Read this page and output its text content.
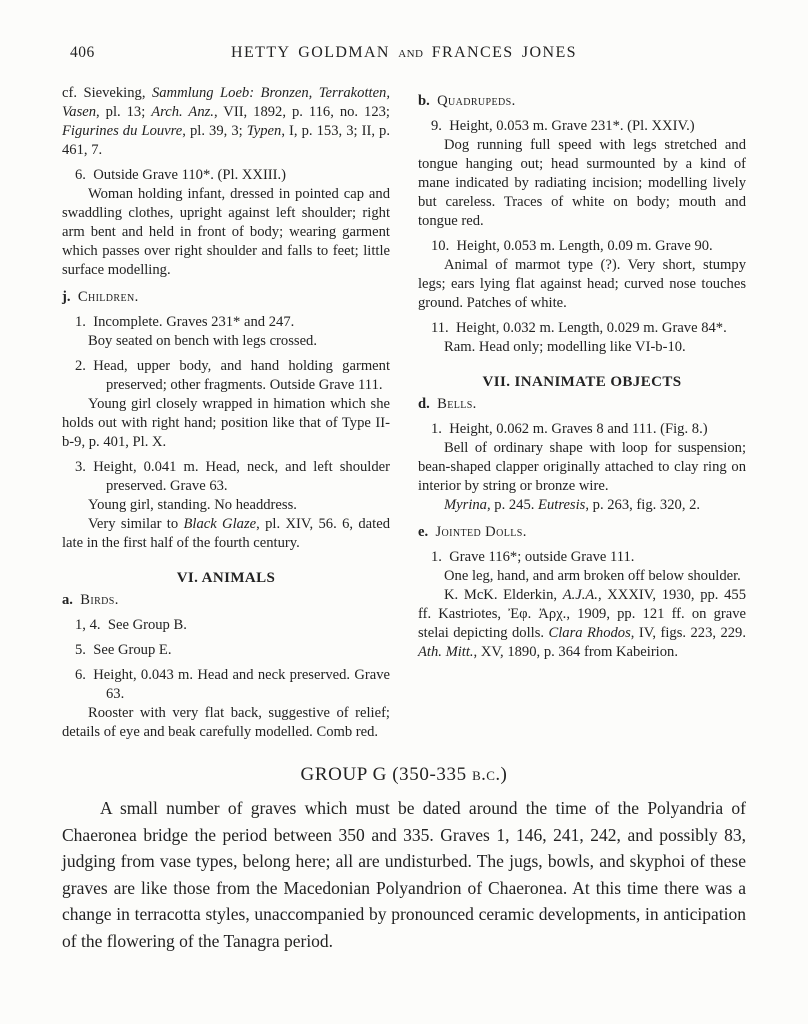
406	HETTY GOLDMAN and FRANCES JONES

cf. Sieveking, Sammlung Loeb: Bronzen, Terrakotten, Vasen, pl. 13; Arch. Anz., VII, 1892, p. 116, no. 123; Figurines du Louvre, pl. 39, 3; Typen, I, p. 153, 3; II, p. 461, 7.

6. Outside Grave 110*. (Pl. XXIII.)

Woman holding infant, dressed in pointed cap and swaddling clothes, upright against left shoulder; right arm bent and held in front of body; wearing garment which passes over right shoulder and falls to feet; little surface modelling.

j. Children.

1. Incomplete. Graves 231* and 247.

Boy seated on bench with legs crossed.

2. Head, upper body, and hand holding garment preserved; other fragments. Outside Grave 111.

Young girl closely wrapped in himation which she holds out with right hand; position like that of Type II-b-9, p. 401, Pl. X.

3. Height, 0.041 m. Head, neck, and left shoulder preserved. Grave 63.

Young girl, standing. No headdress.

Very similar to Black Glaze, pl. XIV, 56. 6, dated late in the first half of the fourth century.

VI. ANIMALS

a. Birds.

1, 4. See Group B.

5. See Group E.

6. Height, 0.043 m. Head and neck preserved. Grave 63.

Rooster with very flat back, suggestive of relief; details of eye and beak carefully modelled. Comb red.

b. Quadrupeds.

9. Height, 0.053 m. Grave 231*. (Pl. XXIV.)

Dog running full speed with legs stretched and tongue hanging out; head surmounted by a kind of mane indicated by radiating incision; modelling lively but careless. Traces of white on body; mouth and tongue red.

10. Height, 0.053 m. Length, 0.09 m. Grave 90.

Animal of marmot type (?). Very short, stumpy legs; ears lying flat against head; curved nose touches ground. Patches of white.

11. Height, 0.032 m. Length, 0.029 m. Grave 84*.

Ram. Head only; modelling like VI-b-10.

VII. INANIMATE OBJECTS

d. Bells.

1. Height, 0.062 m. Graves 8 and 111. (Fig. 8.)

Bell of ordinary shape with loop for suspension; bean-shaped clapper originally attached to clay ring on interior by string or bronze wire.

Myrina, p. 245. Eutresis, p. 263, fig. 320, 2.

e. Jointed Dolls.

1. Grave 116*; outside Grave 111.

One leg, hand, and arm broken off below shoulder.

K. McK. Elderkin, A.J.A., XXXIV, 1930, pp. 455 ff. Kastriotes, Ἐφ. Ἀρχ., 1909, pp. 121 ff. on grave stelai depicting dolls. Clara Rhodos, IV, figs. 223, 229. Ath. Mitt., XV, 1890, p. 364 from Kabeirion.

GROUP G (350-335 b.c.)

A small number of graves which must be dated around the time of the Polyandria of Chaeronea bridge the period between 350 and 335. Graves 1, 146, 241, 242, and possibly 83, judging from vase types, belong here; all are undisturbed. The jugs, bowls, and skyphoi of these graves are like those from the Macedonian Polyandrion of Chaeronea. At this time there was a change in terracotta styles, unaccompanied by pronounced ceramic developments, in anticipation of the flowering of the Tanagra period.
